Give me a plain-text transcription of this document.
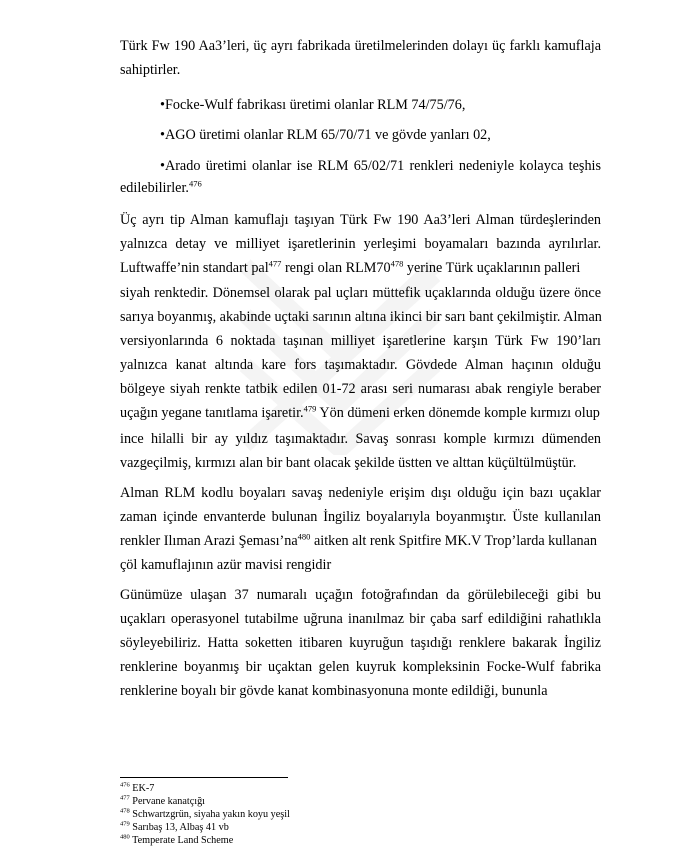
Türk Fw 190 Aa3’leri, üç ayrı fabrikada üretilmelerinden dolayı üç farklı kamuflaja
sahiptirler.
•Focke-Wulf fabrikası üretimi olanlar RLM 74/75/76,
•AGO üretimi olanlar RLM 65/70/71 ve gövde yanları 02,
•Arado üretimi olanlar ise RLM 65/02/71 renkleri nedeniyle kolayca teşhis
edilebilirler.$^{476}$
Üç ayrı tip Alman kamuflajı taşıyan Türk Fw 190 Aa3’leri Alman türdeşlerinden
yalnızca detay ve milliyet işaretlerinin yerleşimi boyamaları bazında ayrılırlar.
Luftwaffe’nin standart pal$^{477}$ rengi olan $RLM70^{478}$ yerine Türk uçaklarının palleri
siyah renktedir. Dönemsel olarak pal uçları müttefik uçaklarında olduğu üzere önce
sarıya boyanmış, akabinde uçtaki sarının altına ikinci bir sarı bant çekilmiştir. Alman
versiyonlarında 6 noktada taşınan milliyet işaretlerine karşın Türk Fw 190’ları
yalnızca kanat altında kare fors taşımaktadır. Gövdede Alman haçının olduğu
bölgeye siyah renkte tatbik edilen 01-72 arası seri numarası abak rengiyle beraber
uçağın yegane tanıtlama işaretir.$^{479}$ Yön dümeni erken dönemde komple kırmızı olup
ince hilalli bir ay yıldız taşımaktadır. Savaş sonrası komple kırmızı dümenden
vazgeçilmiş, kırmızı alan bir bant olacak şekilde üstten ve alttan küçültülmüştür.
Alman RLM kodlu boyaları savaş nedeniyle erişim dışı olduğu için bazı uçaklar
zaman içinde envanterde bulunan İngiliz boyalarıyla boyanmıştır. Üste kullanılan
renkler Ilıman Arazi $Şeması’na^{480}$ aitken alt renk Spitfire MK.V Trop’larda kullanan
çöl kamuflajının azür mavisi rengidir
Günümüze ulaşan 37 numaralı uçağın fotoğrafından da görülebileceği gibi bu
uçakları operasyonel tutabilme uğruna inanılmaz bir çaba sarf edildiğini rahatlıkla
söyleyebiliriz. Hatta soketten itibaren kuyruğun taşıdığı renklere bakarak İngiliz
renklerine boyanmış bir uçaktan gelen kuyruk kompleksinin Focke-Wulf fabrika
renklerine boyalı bir gövde kanat kombinasyonuna monte edildiği, bununla
$^{476}$ EK-7
$^{477}$ Pervane kanatçığı
$^{478}$ Schwartzgrün, siyaha yakın koyu yeşil
$^{479}$ Sarıbaş 13, Albaş 41 vb
$^{480}$ Temperate Land Scheme
